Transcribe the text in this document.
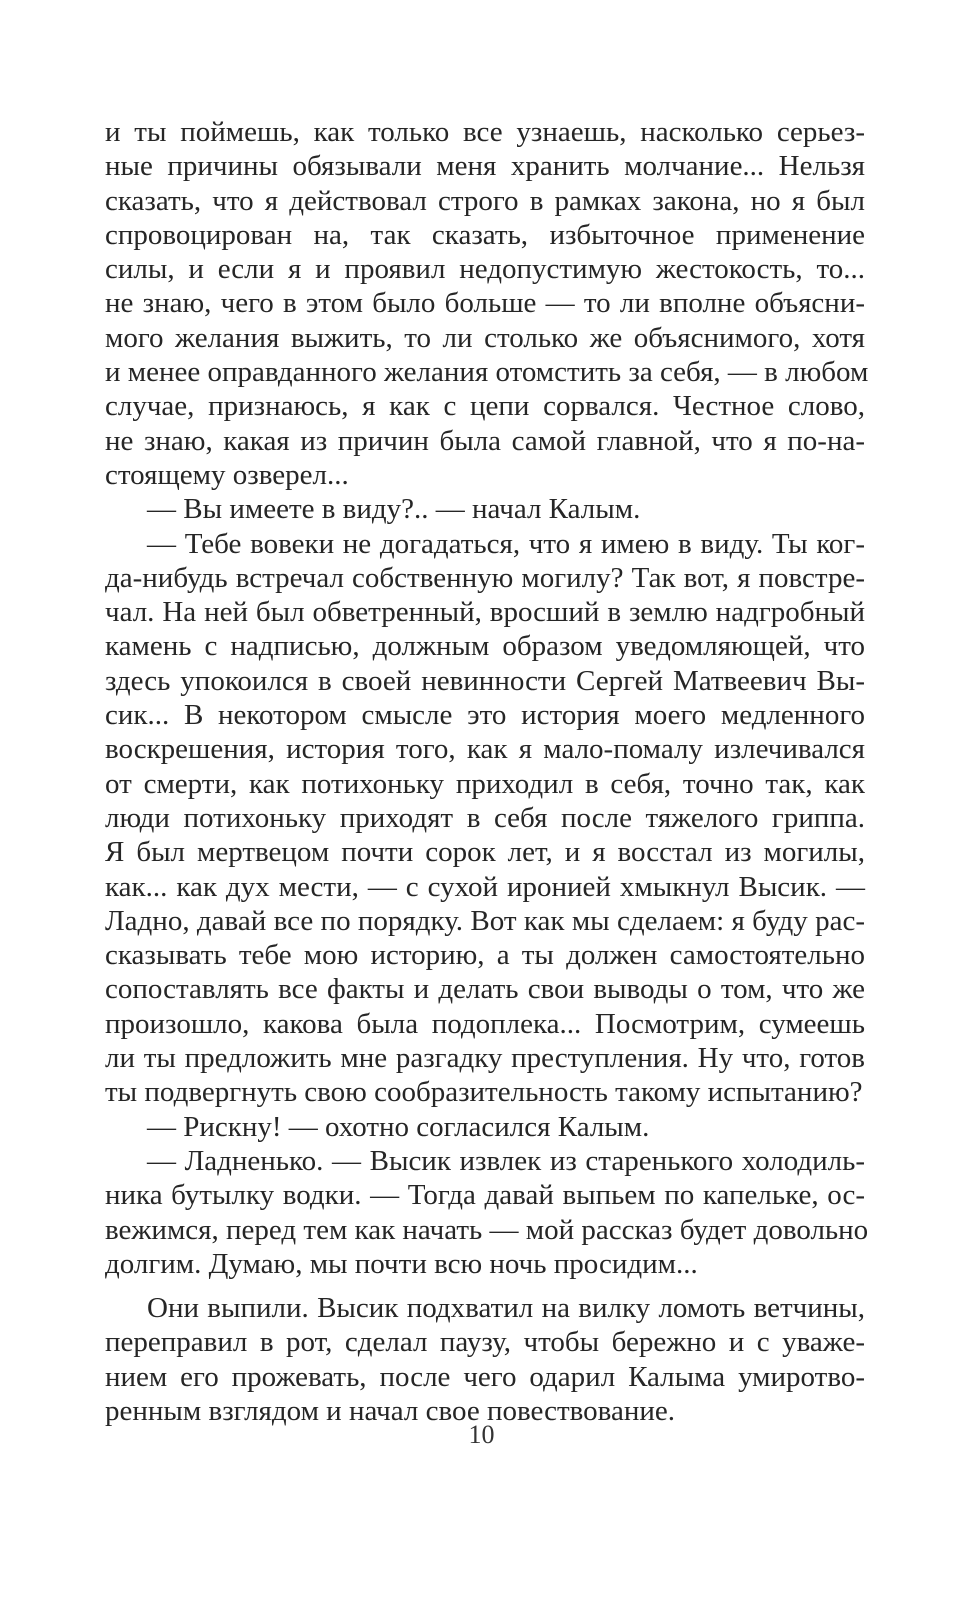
и ты поймешь, как только все узнаешь, насколько серьез-
ные причины обязывали меня хранить молчание... Нельзя
сказать, что я действовал строго в рамках закона, но я был
спровоцирован на, так сказать, избыточное применение
силы, и если я и проявил недопустимую жестокость, то...
не знаю, чего в этом было больше — то ли вполне объясни-
мого желания выжить, то ли столько же объяснимого, хотя
и менее оправданного желания отомстить за себя, — в любом
случае, признаюсь, я как с цепи сорвался. Честное слово,
не знаю, какая из причин была самой главной, что я по-на-
стоящему озверел...
— Вы имеете в виду?.. — начал Калым.
— Тебе вовеки не догадаться, что я имею в виду. Ты ког-
да-нибудь встречал собственную могилу? Так вот, я повстре-
чал. На ней был обветренный, вросший в землю надгробный
камень с надписью, должным образом уведомляющей, что
здесь упокоился в своей невинности Сергей Матвеевич Вы-
сик... В некотором смысле это история моего медленного
воскрешения, история того, как я мало-помалу излечивался
от смерти, как потихоньку приходил в себя, точно так, как
люди потихоньку приходят в себя после тяжелого гриппа.
Я был мертвецом почти сорок лет, и я восстал из могилы,
как... как дух мести, — с сухой иронией хмыкнул Высик. —
Ладно, давай все по порядку. Вот как мы сделаем: я буду рас-
сказывать тебе мою историю, а ты должен самостоятельно
сопоставлять все факты и делать свои выводы о том, что же
произошло, какова была подоплека... Посмотрим, сумеешь
ли ты предложить мне разгадку преступления. Ну что, готов
ты подвергнуть свою сообразительность такому испытанию?
— Рискну! — охотно согласился Калым.
— Ладненько. — Высик извлек из старенького холодиль-
ника бутылку водки. — Тогда давай выпьем по капельке, ос-
вежимся, перед тем как начать — мой рассказ будет довольно
долгим. Думаю, мы почти всю ночь просидим...
Они выпили. Высик подхватил на вилку ломоть ветчины,
переправил в рот, сделал паузу, чтобы бережно и с уваже-
нием его прожевать, после чего одарил Калыма умиротво-
ренным взглядом и начал свое повествование.
10
